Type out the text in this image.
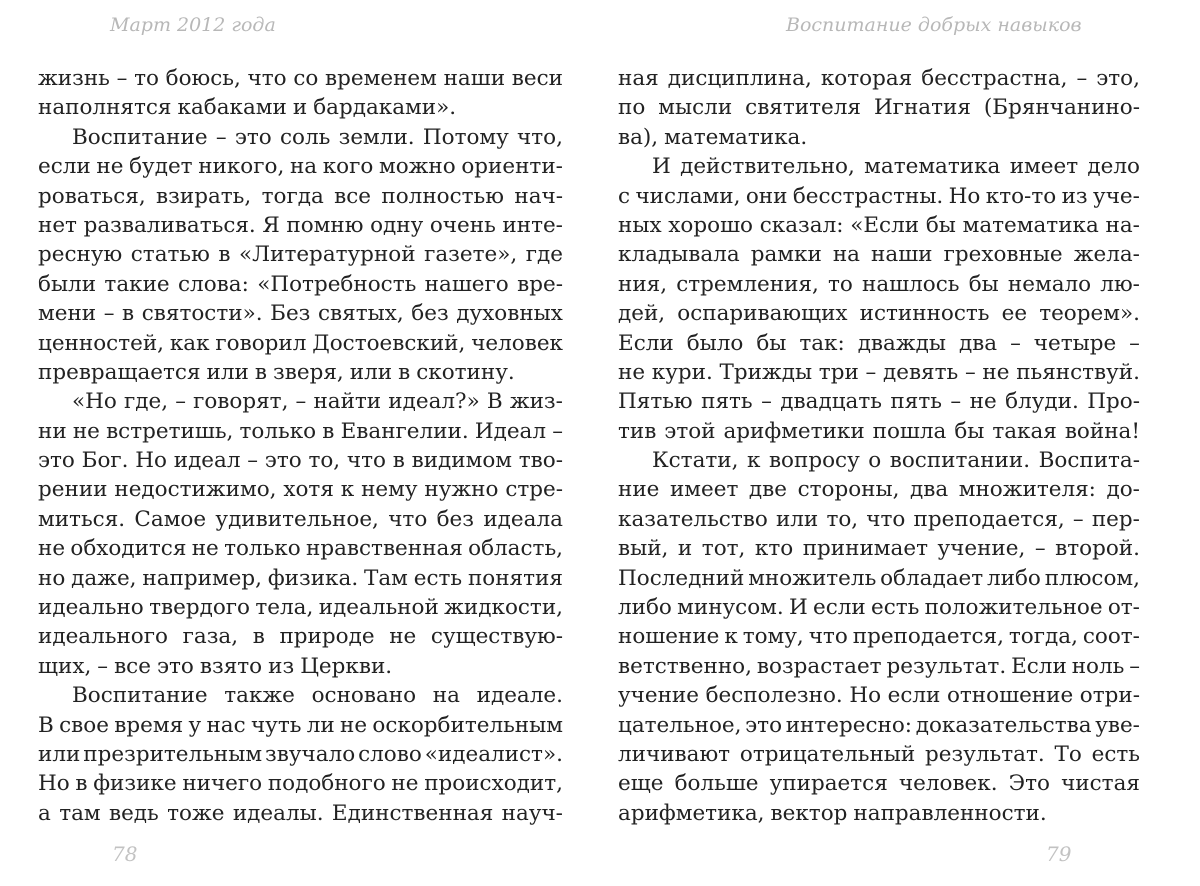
Март 2012 года
жизнь – то боюсь, что со временем наши веси
наполнятся кабаками и бардаками».
Воспитание – это соль земли. Потому что,
если не будет никого, на кого можно ориенти-
роваться, взирать, тогда все полностью нач-
нет разваливаться. Я помню одну очень инте-
ресную статью в «Литературной газете», где
были такие слова: «Потребность нашего вре-
мени – в святости». Без святых, без духовных
ценностей, как говорил Достоевский, человек
превращается или в зверя, или в скотину.
«Но где, – говорят, – найти идеал?» В жиз-
ни не встретишь, только в Евангелии. Идеал –
это Бог. Но идеал – это то, что в видимом тво-
рении недостижимо, хотя к нему нужно стре-
миться. Самое удивительное, что без идеала
не обходится не только нравственная область,
но даже, например, физика. Там есть понятия
идеально твердого тела, идеальной жидкости,
идеального газа, в природе не существую-
щих, – все это взято из Церкви.
Воспитание также основано на идеале.
В свое время у нас чуть ли не оскорбительным
или презрительным звучало слово «идеалист».
Но в физике ничего подобного не происходит,
а там ведь тоже идеалы. Единственная науч-
78
Воспитание добрых навыков
ная дисциплина, которая бесстрастна, – это,
по мысли святителя Игнатия (Брянчанино-
ва), математика.
И действительно, математика имеет дело
с числами, они бесстрастны. Но кто-то из уче-
ных хорошо сказал: «Если бы математика на-
кладывала рамки на наши греховные жела-
ния, стремления, то нашлось бы немало лю-
дей, оспаривающих истинность ее теорем».
Если было бы так: дважды два – четыре –
не кури. Трижды три – девять – не пьянствуй.
Пятью пять – двадцать пять – не блуди. Про-
тив этой арифметики пошла бы такая война!
Кстати, к вопросу о воспитании. Воспита-
ние имеет две стороны, два множителя: до-
казательство или то, что преподается, – пер-
вый, и тот, кто принимает учение, – второй.
Последний множитель обладает либо плюсом,
либо минусом. И если есть положительное от-
ношение к тому, что преподается, тогда, соот-
ветственно, возрастает результат. Если ноль –
учение бесполезно. Но если отношение отри-
цательное, это интересно: доказательства уве-
личивают отрицательный результат. То есть
еще больше упирается человек. Это чистая
арифметика, вектор направленности.
79
